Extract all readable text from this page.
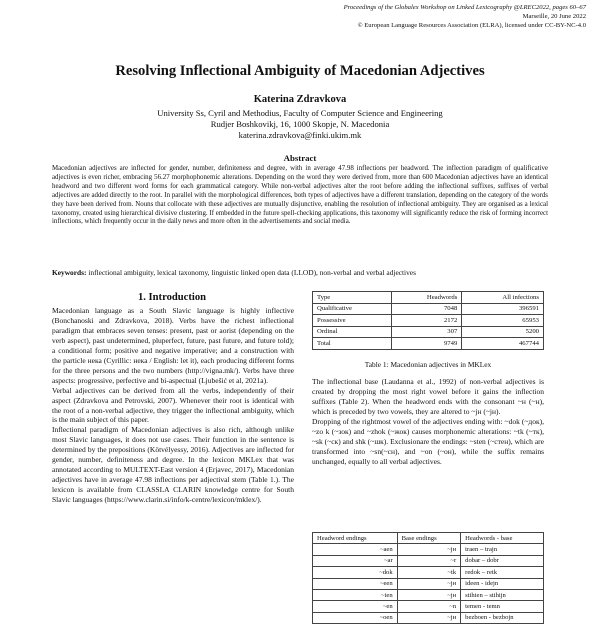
Proceedings of the Globalex Workshop on Linked Lexicography @LREC2022, pages 60–67
Marseille, 20 June 2022
© European Language Resources Association (ELRA), licensed under CC-BY-NC-4.0
Resolving Inflectional Ambiguity of Macedonian Adjectives
Katerina Zdravkova
University Ss, Cyril and Methodius, Faculty of Computer Science and Engineering
Rudjer Boshkovikj, 16, 1000 Skopje, N. Macedonia
katerina.zdravkova@finki.ukim.mk
Abstract

Macedonian adjectives are inflected for gender, number, definiteness and degree, with in average 47.98 inflections per headword. The inflection paradigm of qualificative adjectives is even richer, embracing 56.27 morphophonemic alterations. Depending on the word they were derived from, more than 600 Macedonian adjectives have an identical headword and two different word forms for each grammatical category. While non-verbal adjectives alter the root before adding the inflectional suffixes, suffixes of verbal adjectives are added directly to the root. In parallel with the morphological differences, both types of adjectives have a different translation, depending on the category of the words they have been derived from. Nouns that collocate with these adjectives are mutually disjunctive, enabling the resolution of inflectional ambiguity. They are organised as a lexical taxonomy, created using hierarchical divisive clustering. If embedded in the future spell-checking applications, this taxonomy will significantly reduce the risk of forming incorrect inflections, which frequently occur in the daily news and more often in the advertisements and social media.

Keywords: inflectional ambiguity, lexical taxonomy, linguistic linked open data (LLOD), non-verbal and verbal adjectives
1. Introduction

Macedonian language as a South Slavic language is highly inflective (Bonchanoski and Zdravkova, 2018). Verbs have the richest inflectional paradigm that embraces seven tenses: present, past or aorist (depending on the verb aspect), past undetermined, pluperfect, future, past future, and future told); a conditional form; positive and negative imperative; and a construction with the particle нека (Cyrillic: нека / English: let it), each producing different forms for the three persons and the two numbers (http://vigna.mk/). Verbs have three aspects: progressive, perfective and bi-aspectual (Ljubešić et al, 2021a).

Verbal adjectives can be derived from all the verbs, independently of their aspect (Zdravkova and Petrovski, 2007). Whenever their root is identical with the root of a non-verbal adjective, they trigger the inflectional ambiguity, which is the main subject of this paper.

Inflectional paradigm of Macedonian adjectives is also rich, although unlike most Slavic languages, it does not use cases. Their function in the sentence is determined by the prepositions (Kötvélyessy, 2016). Adjectives are inflected for gender, number, definiteness and degree. In the lexicon MKLex that was annotated according to MULTEXT-East version 4 (Erjavec, 2017), Macedonian adjectives have in average 47.98 inflections per adjectival stem (Table 1.). The lexicon is available from CLASSLA CLARIN knowledge centre for South Slavic languages (https://www.clarin.si/info/k-centre/lexicon/mklex/).

Type	Headwords	All infections
Qualificative	7048	396591
Possessive	2172	65953
Ordinal	307	5200
Total	9749	467744
Table 1: Macedonian adjectives in MKLex

The inflectional base (Laudanna et al., 1992) of non-verbal adjectives is created by dropping the most right vowel before it gains the inflection suffixes (Table 2). When the headword ends with the consonant ~н (~н), which is preceded by two vowels, they are altered to ~јн (~јн).

Dropping of the rightmost vowel of the adjectives ending with: ~dok (~док), ~zo k (~зок) and ~zhok (~жок) causes morphonemic alterations: ~tk (~тк), ~sk (~ск) and shk (~шк). Exclusionare the endings: ~sten (~стен), which are transformed into ~sn(~сн), and ~on (~он), while the suffix remains unchanged, equally to all verbal adjectives.

Headword endings	Base endings	Headwords - base
~aen	~јн	traen – trajn
~ar	~r	dobar – dobr
~dok	~tk	redok – retk
~een	~јн	ideen - idejn
~ien	~јн	stihien – stihijn
~en	~n	temen - temn
~oen	~јн	bezboen - bezbojn
